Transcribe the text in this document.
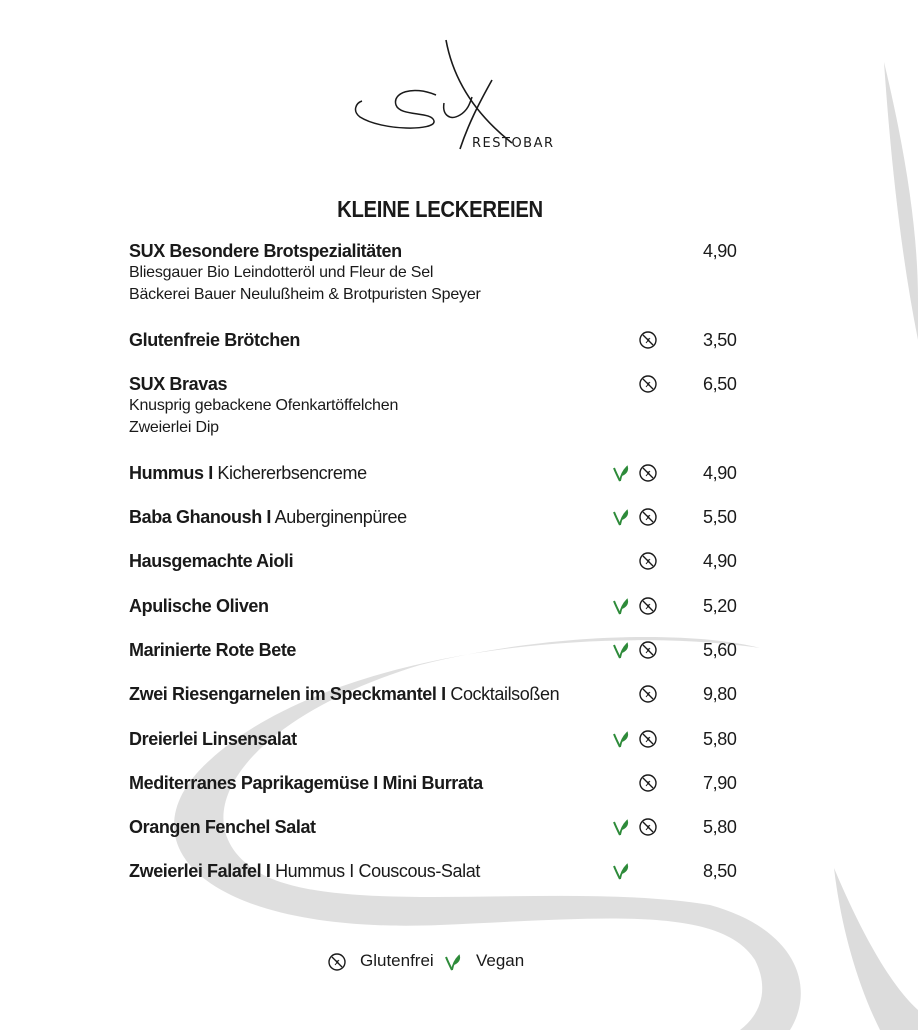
RESTOBAR
KLEINE LECKEREIEN
SUX Besondere Brotspezialitäten
Bliesgauer Bio Leindotteröl und Fleur de Sel
Bäckerei Bauer Neulußheim & Brotpuristen Speyer
4,90
Glutenfreie Brötchen	3,50
SUX Bravas
Knusprig gebackene Ofenkartöffelchen
Zweierlei Dip
6,50
Hummus I Kichererbsencreme	4,90
Baba Ghanoush I Auberginenpüree	5,50
Hausgemachte Aioli	4,90
Apulische Oliven	5,20
Marinierte Rote Bete	5,60
Zwei Riesengarnelen im Speckmantel I Cocktailsoßen	9,80
Dreierlei Linsensalat	5,80
Mediterranes Paprikagemüse I Mini Burrata	7,90
Orangen Fenchel Salat	5,80
Zweierlei Falafel I Hummus I Couscous-Salat	8,50
Glutenfrei Vegan
